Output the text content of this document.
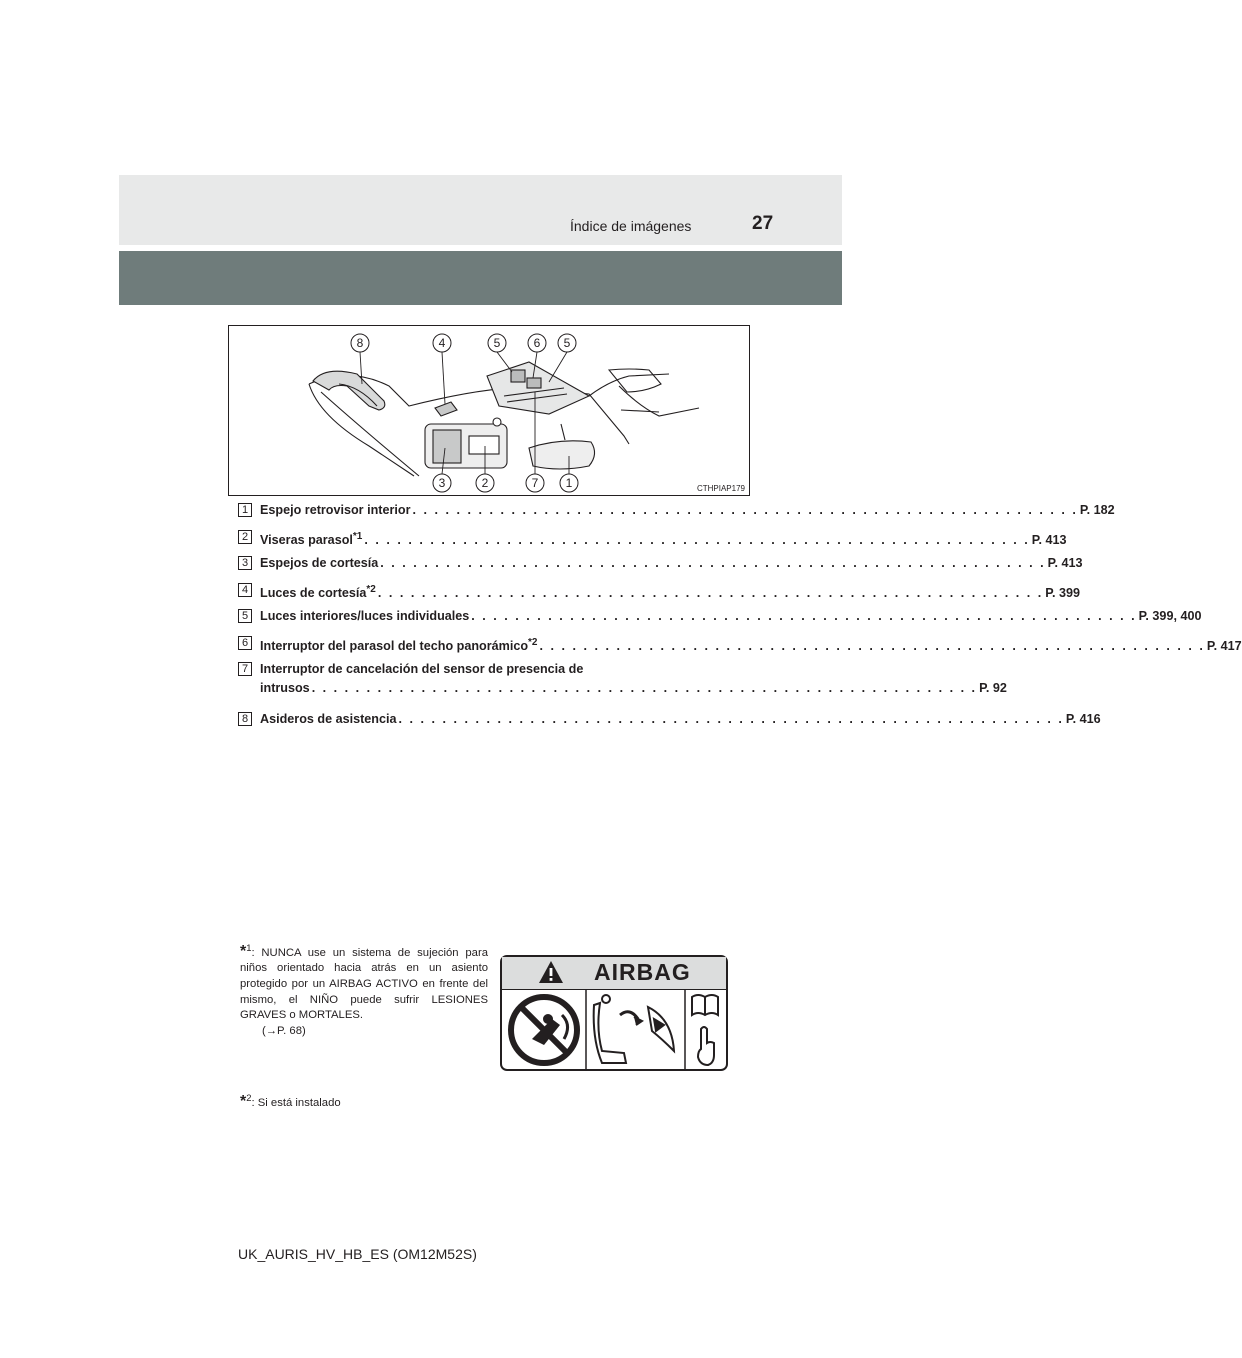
Índice de imágenes	27
8	4	5	6 5
3	2	7 1	CTHPIAP179
1 Espejo retrovisor interior . . . . . . . . . . . . . . . . . . . . . . . . . . . . . . . . . . . . . . . . . . . . . . . . . . . . . . . . . . . . . P. 182
2 Viseras parasol$^{*1}$ . . . . . . . . . . . . . . . . . . . . . . . . . . . . . . . . . . . . . . . . . . . . . . . . . . . . . . . . . . . . . P. 413
3 Espejos de cortesía . . . . . . . . . . . . . . . . . . . . . . . . . . . . . . . . . . . . . . . . . . . . . . . . . . . . . . . . . . . . . P. 413
4 Luces de cortesía$^{*2}$ . . . . . . . . . . . . . . . . . . . . . . . . . . . . . . . . . . . . . . . . . . . . . . . . . . . . . . . . . . . . . P. 399
5 Luces interiores/luces individuales . . . . . . . . . . . . . . . . . . . . . . . . . . . . . . . . . . . . . . . . . . . . . . . . . . . . . . . . . . . . . P. 399, 400
6 Interruptor del parasol del techo panorámico$^{*2}$ . . . . . . . . . . . . . . . . . . . . . . . . . . . . . . . . . . . . . . . . . . . . . . . . . . . . . . . . . . . . . P. 417
7 Interruptor de cancelación del sensor de presencia de
intrusos . . . . . . . . . . . . . . . . . . . . . . . . . . . . . . . . . . . . . . . . . . . . . . . . . . . . . . . . . . . . . P. 92
8 Asideros de asistencia . . . . . . . . . . . . . . . . . . . . . . . . . . . . . . . . . . . . . . . . . . . . . . . . . . . . . . . . . . . . . P. 416
*$^1$: NUNCA use un sistema de sujeción para niños orientado hacia atrás en un asiento protegido por un AIRBAG ACTIVO en frente del mismo, el NIÑO puede sufrir LESIONES GRAVES o MORTALES.
(→P. 68)
AIRBAG
*$^2$: Si está instalado
UK_AURIS_HV_HB_ES (OM12M52S)
